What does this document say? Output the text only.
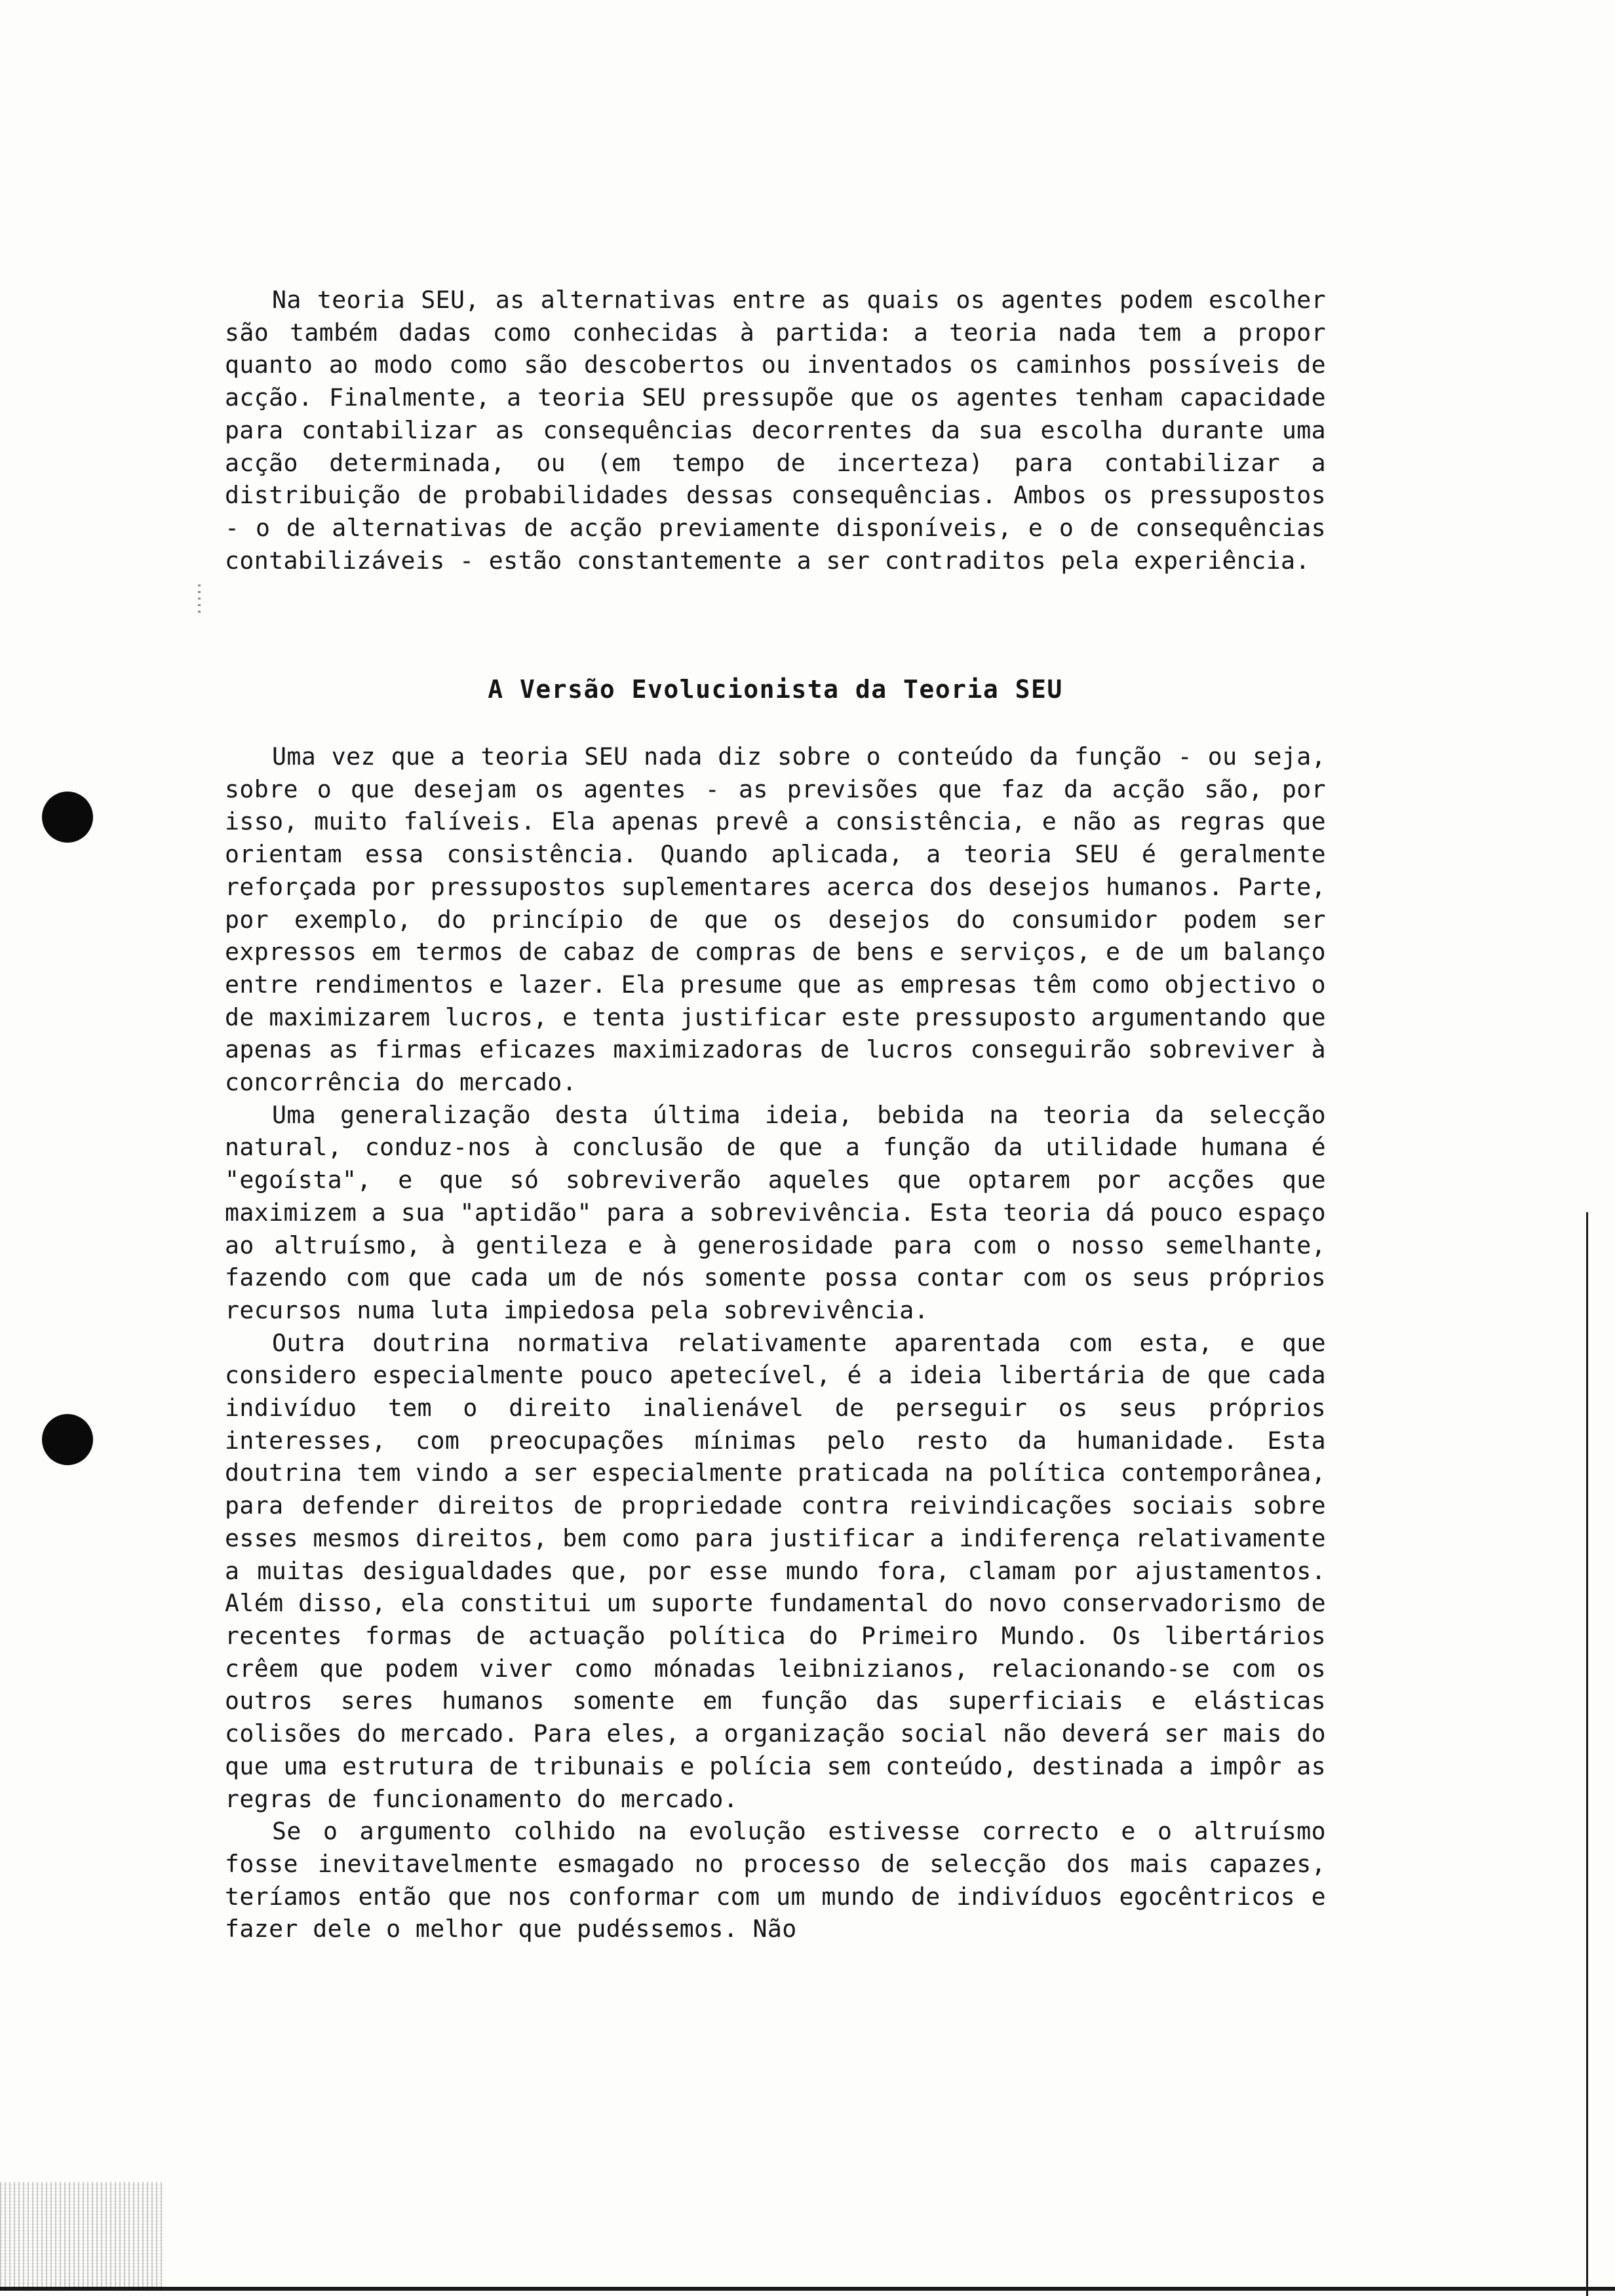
Na teoria SEU, as alternativas entre as quais os agentes podem escolher são também dadas como conhecidas à partida: a teoria nada tem a propor quanto ao modo como são descobertos ou inventados os caminhos possíveis de acção. Finalmente, a teoria SEU pressupõe que os agentes tenham capacidade para contabilizar as consequências decorrentes da sua escolha durante uma acção determinada, ou (em tempo de incerteza) para contabilizar a distribuição de probabilidades dessas consequências. Ambos os pressupostos - o de alternativas de acção previamente disponíveis, e o de consequências contabilizáveis - estão constantemente a ser contraditos pela experiência.

A Versão Evolucionista da Teoria SEU

Uma vez que a teoria SEU nada diz sobre o conteúdo da função - ou seja, sobre o que desejam os agentes - as previsões que faz da acção são, por isso, muito falíveis. Ela apenas prevê a consistência, e não as regras que orientam essa consistência. Quando aplicada, a teoria SEU é geralmente reforçada por pressupostos suplementares acerca dos desejos humanos. Parte, por exemplo, do princípio de que os desejos do consumidor podem ser expressos em termos de cabaz de compras de bens e serviços, e de um balanço entre rendimentos e lazer. Ela presume que as empresas têm como objectivo o de maximizarem lucros, e tenta justificar este pressuposto argumentando que apenas as firmas eficazes maximizadoras de lucros conseguirão sobreviver à concorrência do mercado.

Uma generalização desta última ideia, bebida na teoria da selecção natural, conduz-nos à conclusão de que a função da utilidade humana é "egoísta", e que só sobreviverão aqueles que optarem por acções que maximizem a sua "aptidão" para a sobrevivência. Esta teoria dá pouco espaço ao altruísmo, à gentileza e à generosidade para com o nosso semelhante, fazendo com que cada um de nós somente possa contar com os seus próprios recursos numa luta impiedosa pela sobrevivência.

Outra doutrina normativa relativamente aparentada com esta, e que considero especialmente pouco apetecível, é a ideia libertária de que cada indivíduo tem o direito inalienável de perseguir os seus próprios interesses, com preocupações mínimas pelo resto da humanidade. Esta doutrina tem vindo a ser especialmente praticada na política contemporânea, para defender direitos de propriedade contra reivindicações sociais sobre esses mesmos direitos, bem como para justificar a indiferença relativamente a muitas desigualdades que, por esse mundo fora, clamam por ajustamentos. Além disso, ela constitui um suporte fundamental do novo conservadorismo de recentes formas de actuação política do Primeiro Mundo. Os libertários crêem que podem viver como mónadas leibnizianos, relacionando-se com os outros seres humanos somente em função das superficiais e elásticas colisões do mercado. Para eles, a organização social não deverá ser mais do que uma estrutura de tribunais e polícia sem conteúdo, destinada a impôr as regras de funcionamento do mercado.

Se o argumento colhido na evolução estivesse correcto e o altruísmo fosse inevitavelmente esmagado no processo de selecção dos mais capazes, teríamos então que nos conformar com um mundo de indivíduos egocêntricos e fazer dele o melhor que pudéssemos. Não
